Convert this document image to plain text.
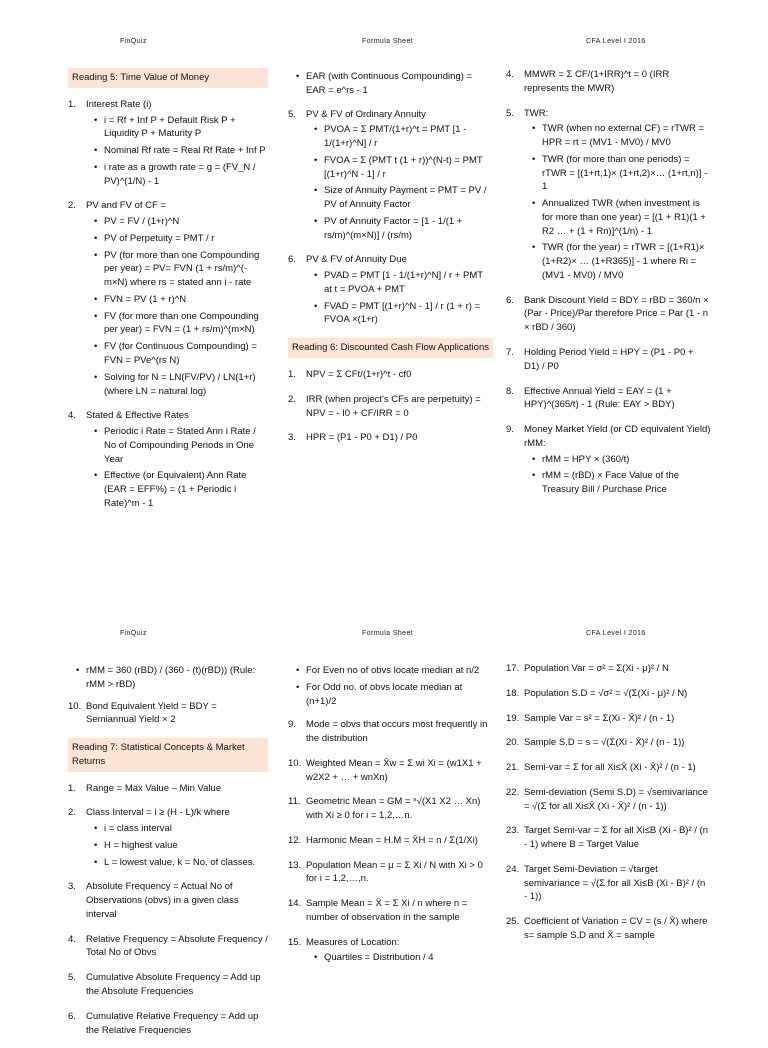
FinQuiz	Formula Sheet	CFA Level I 2016
Reading 5: Time Value of Money
1. Interest Rate (i)
• i = Rf + Inf P + Default Risk P + Liquidity P + Maturity P
• Nominal Rf rate = Real Rf Rate + Inf P
• i rate as a growth rate = g = (FV_N / PV)^(1/N) - 1
2. PV and FV of CF =
• PV = FV / (1+r)^N
• PV of Perpetuity = PMT / r
• PV (for more than one Compounding per year) = PV= FVN (1 + rs/m)^(-m×N) where rs = stated ann i - rate
• FVN = PV (1 + r)^N
• FV (for more than one Compounding per year) = FVN = (1 + rs/m)^(m×N)
• FV (for Continuous Compounding) = FVN = PVe^(rs N)
• Solving for N = LN(FV/PV) / LN(1+r) (where LN = natural log)
4. Stated & Effective Rates
• Periodic i Rate = Stated Ann i Rate / No of Compounding Periods in One Year
• Effective (or Equivalent) Ann Rate (EAR = EFF%) = (1 + Periodic i Rate)^m - 1
• EAR (with Continuous Compounding) = EAR = e^rs - 1
5. PV & FV of Ordinary Annuity
• PVOA = Σ PMT/(1+r)^t = PMT [1 - 1/(1+r)^N] / r
• FVOA = Σ (PMT t (1 + r))^(N-t) = PMT [(1+r)^N - 1] / r
• Size of Annuity Payment = PMT = PV / PV of Annuity Factor
• PV of Annuity Factor = [1 - 1/(1 + rs/m)^(m×N)] / (rs/m)
6. PV & FV of Annuity Due
• PVAD = PMT [1 - 1/(1+r)^N] / r + PMT at t = PVOA + PMT
• FVAD = PMT [(1+r)^N - 1] / r (1 + r) = FVOA ×(1+r)
Reading 6: Discounted Cash Flow Applications
1. NPV = Σ CFt/(1+r)^t - cf0
2. IRR (when project's CFs are perpetuity) = NPV = - I0 + CF/IRR = 0
3. HPR = (P1 - P0 + D1) / P0
4. MMWR = Σ CF/(1+IRR)^t = 0 (IRR represents the MWR)
5. TWR:
• TWR (when no external CF) = rTWR = HPR = rt = (MV1 - MV0) / MV0
• TWR (for more than one periods) = rTWR = [(1+rt,1)× (1+rt,2)×… (1+rt,n)] - 1
• Annualized TWR (when investment is for more than one year) = [(1 + R1)(1 + R2 … + (1 + Rn)]^(1/n) - 1
• TWR (for the year) = rTWR = [(1+R1)× (1+R2)× … (1+R365)] - 1 where Ri = (MV1 - MV0) / MV0
6. Bank Discount Yield = BDY = rBD = 360/n × (Par - Price)/Par therefore Price = Par (1 - n × rBD / 360)
7. Holding Period Yield = HPY = (P1 - P0 + D1) / P0
8. Effective Annual Yield = EAY = (1 + HPY)^(365/t) - 1 (Rule: EAY > BDY)
9. Money Market Yield (or CD equivalent Yield) rMM:
• rMM = HPY × (360/t)
• rMM = (rBD) × Face Value of the Treasury Bill / Purchase Price
FinQuiz	Formula Sheet	CFA Level I 2016
• rMM = 360 (rBD) / (360 - (t)(rBD)) (Rule: rMM > rBD)
10. Bond Equivalent Yield = BDY = Semiannual Yield × 2
Reading 7: Statistical Concepts & Market Returns
1. Range = Max Value – Min Value
2. Class Interval = i ≥ (H - L)/k where
• i = class interval
• H = highest value
• L = lowest value, k = No. of classes.
3. Absolute Frequency = Actual No of Observations (obvs) in a given class interval
4. Relative Frequency = Absolute Frequency / Total No of Obvs
5. Cumulative Absolute Frequency = Add up the Absolute Frequencies
6. Cumulative Relative Frequency = Add up the Relative Frequencies
• For Even no of obvs locate median at n/2
• For Odd no. of obvs locate median at (n+1)/2
9. Mode = obvs that occurs most frequently in the distribution
10. Weighted Mean = X̄w = Σ wi Xi = (w1X1 + w2X2 + … + wnXn)
11. Geometric Mean = GM = ⁿ√(X1 X2 … Xn) with Xi ≥ 0 for i = 1,2,…n.
12. Harmonic Mean = H.M = X̄H = n / Σ(1/Xi)
13. Population Mean = μ = Σ Xi / N with Xi > 0 for i = 1,2,…,n.
14. Sample Mean = X̄ = Σ Xi / n where n = number of observation in the sample
15. Measures of Location:
• Quartiles = Distribution / 4
17. Population Var = σ² = Σ(Xi - μ)² / N
18. Population S.D = √σ² = √(Σ(Xi - μ)² / N)
19. Sample Var = s² = Σ(Xi - X̄)² / (n - 1)
20. Sample S.D = s = √(Σ(Xi - X̄)² / (n - 1))
21. Semi-var = Σ for all Xi≤X̄ (Xi - X̄)² / (n - 1)
22. Semi-deviation (Semi S.D) = √semivariance = √(Σ for all Xi≤X̄ (Xi - X̄)² / (n - 1))
23. Target Semi-var = Σ for all Xi≤B (Xi - B)² / (n - 1) where B = Target Value
24. Target Semi-Deviation = √target semivariance = √(Σ for all Xi≤B (Xi - B)² / (n - 1))
25. Coefficient of Variation = CV = (s / X̄) where s= sample S.D and X̄ = sample
